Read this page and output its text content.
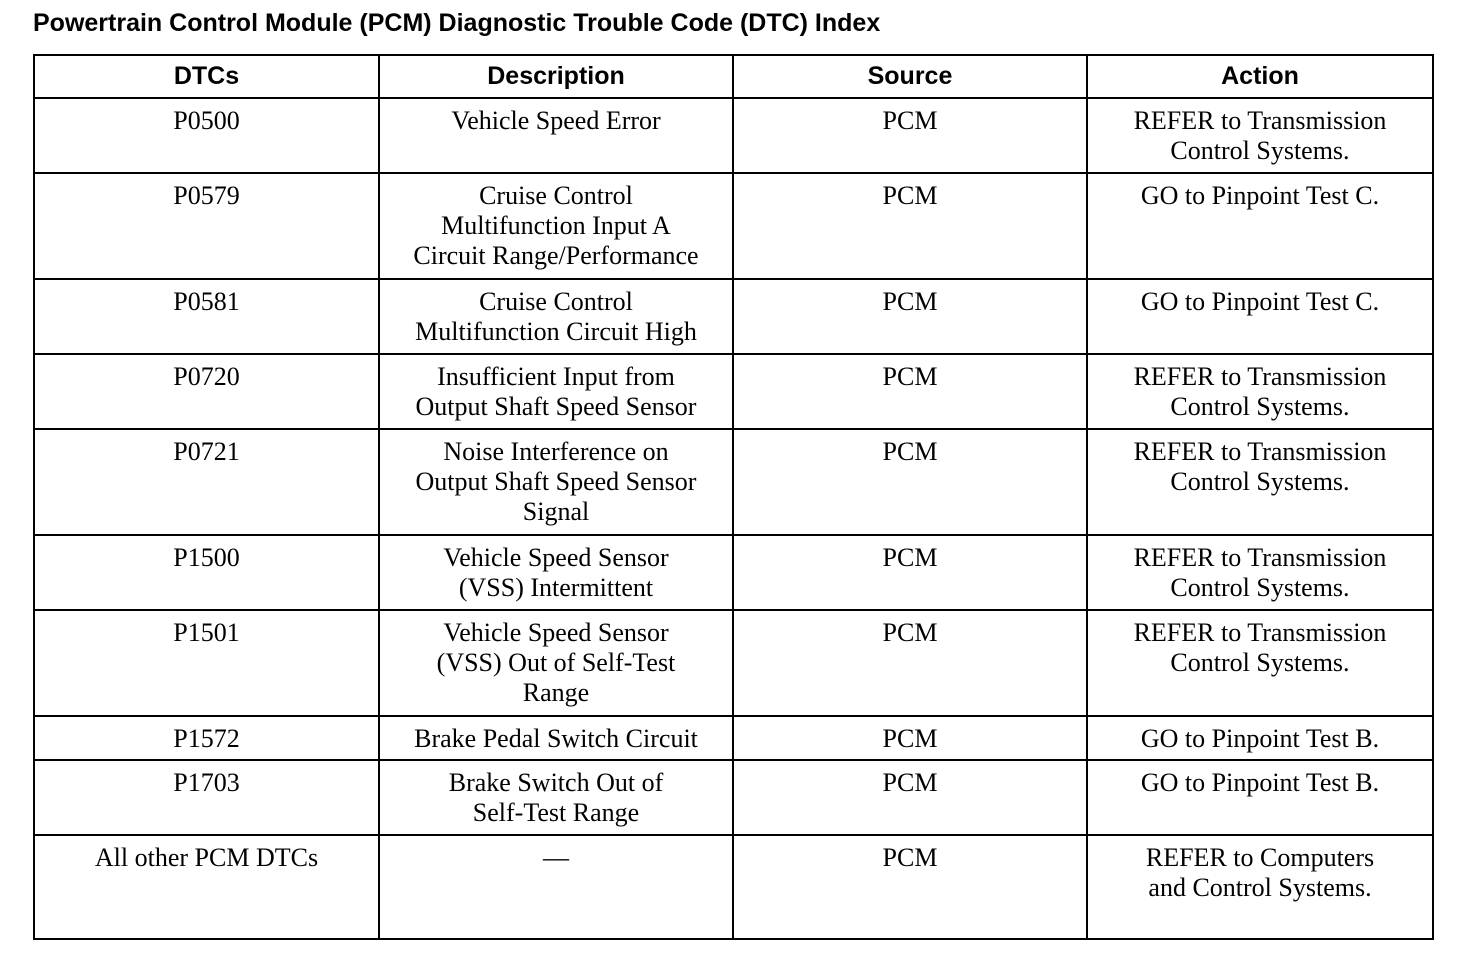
Powertrain Control Module (PCM) Diagnostic Trouble Code (DTC) Index
DTCs	Description	Source	Action
P0500	Vehicle Speed Error	PCM	REFER to Transmission
Control Systems.
P0579	Cruise Control
Multifunction Input A
Circuit Range/Performance	PCM	GO to Pinpoint Test C.
P0581	Cruise Control
Multifunction Circuit High	PCM	GO to Pinpoint Test C.
P0720	Insufficient Input from
Output Shaft Speed Sensor	PCM	REFER to Transmission
Control Systems.
P0721	Noise Interference on
Output Shaft Speed Sensor
Signal	PCM	REFER to Transmission
Control Systems.
P1500	Vehicle Speed Sensor
(VSS) Intermittent	PCM	REFER to Transmission
Control Systems.
P1501	Vehicle Speed Sensor
(VSS) Out of Self-Test
Range	PCM	REFER to Transmission
Control Systems.
P1572	Brake Pedal Switch Circuit	PCM	GO to Pinpoint Test B.
P1703	Brake Switch Out of
Self-Test Range	PCM	GO to Pinpoint Test B.
All other PCM DTCs	—	PCM	REFER to Computers
and Control Systems.
